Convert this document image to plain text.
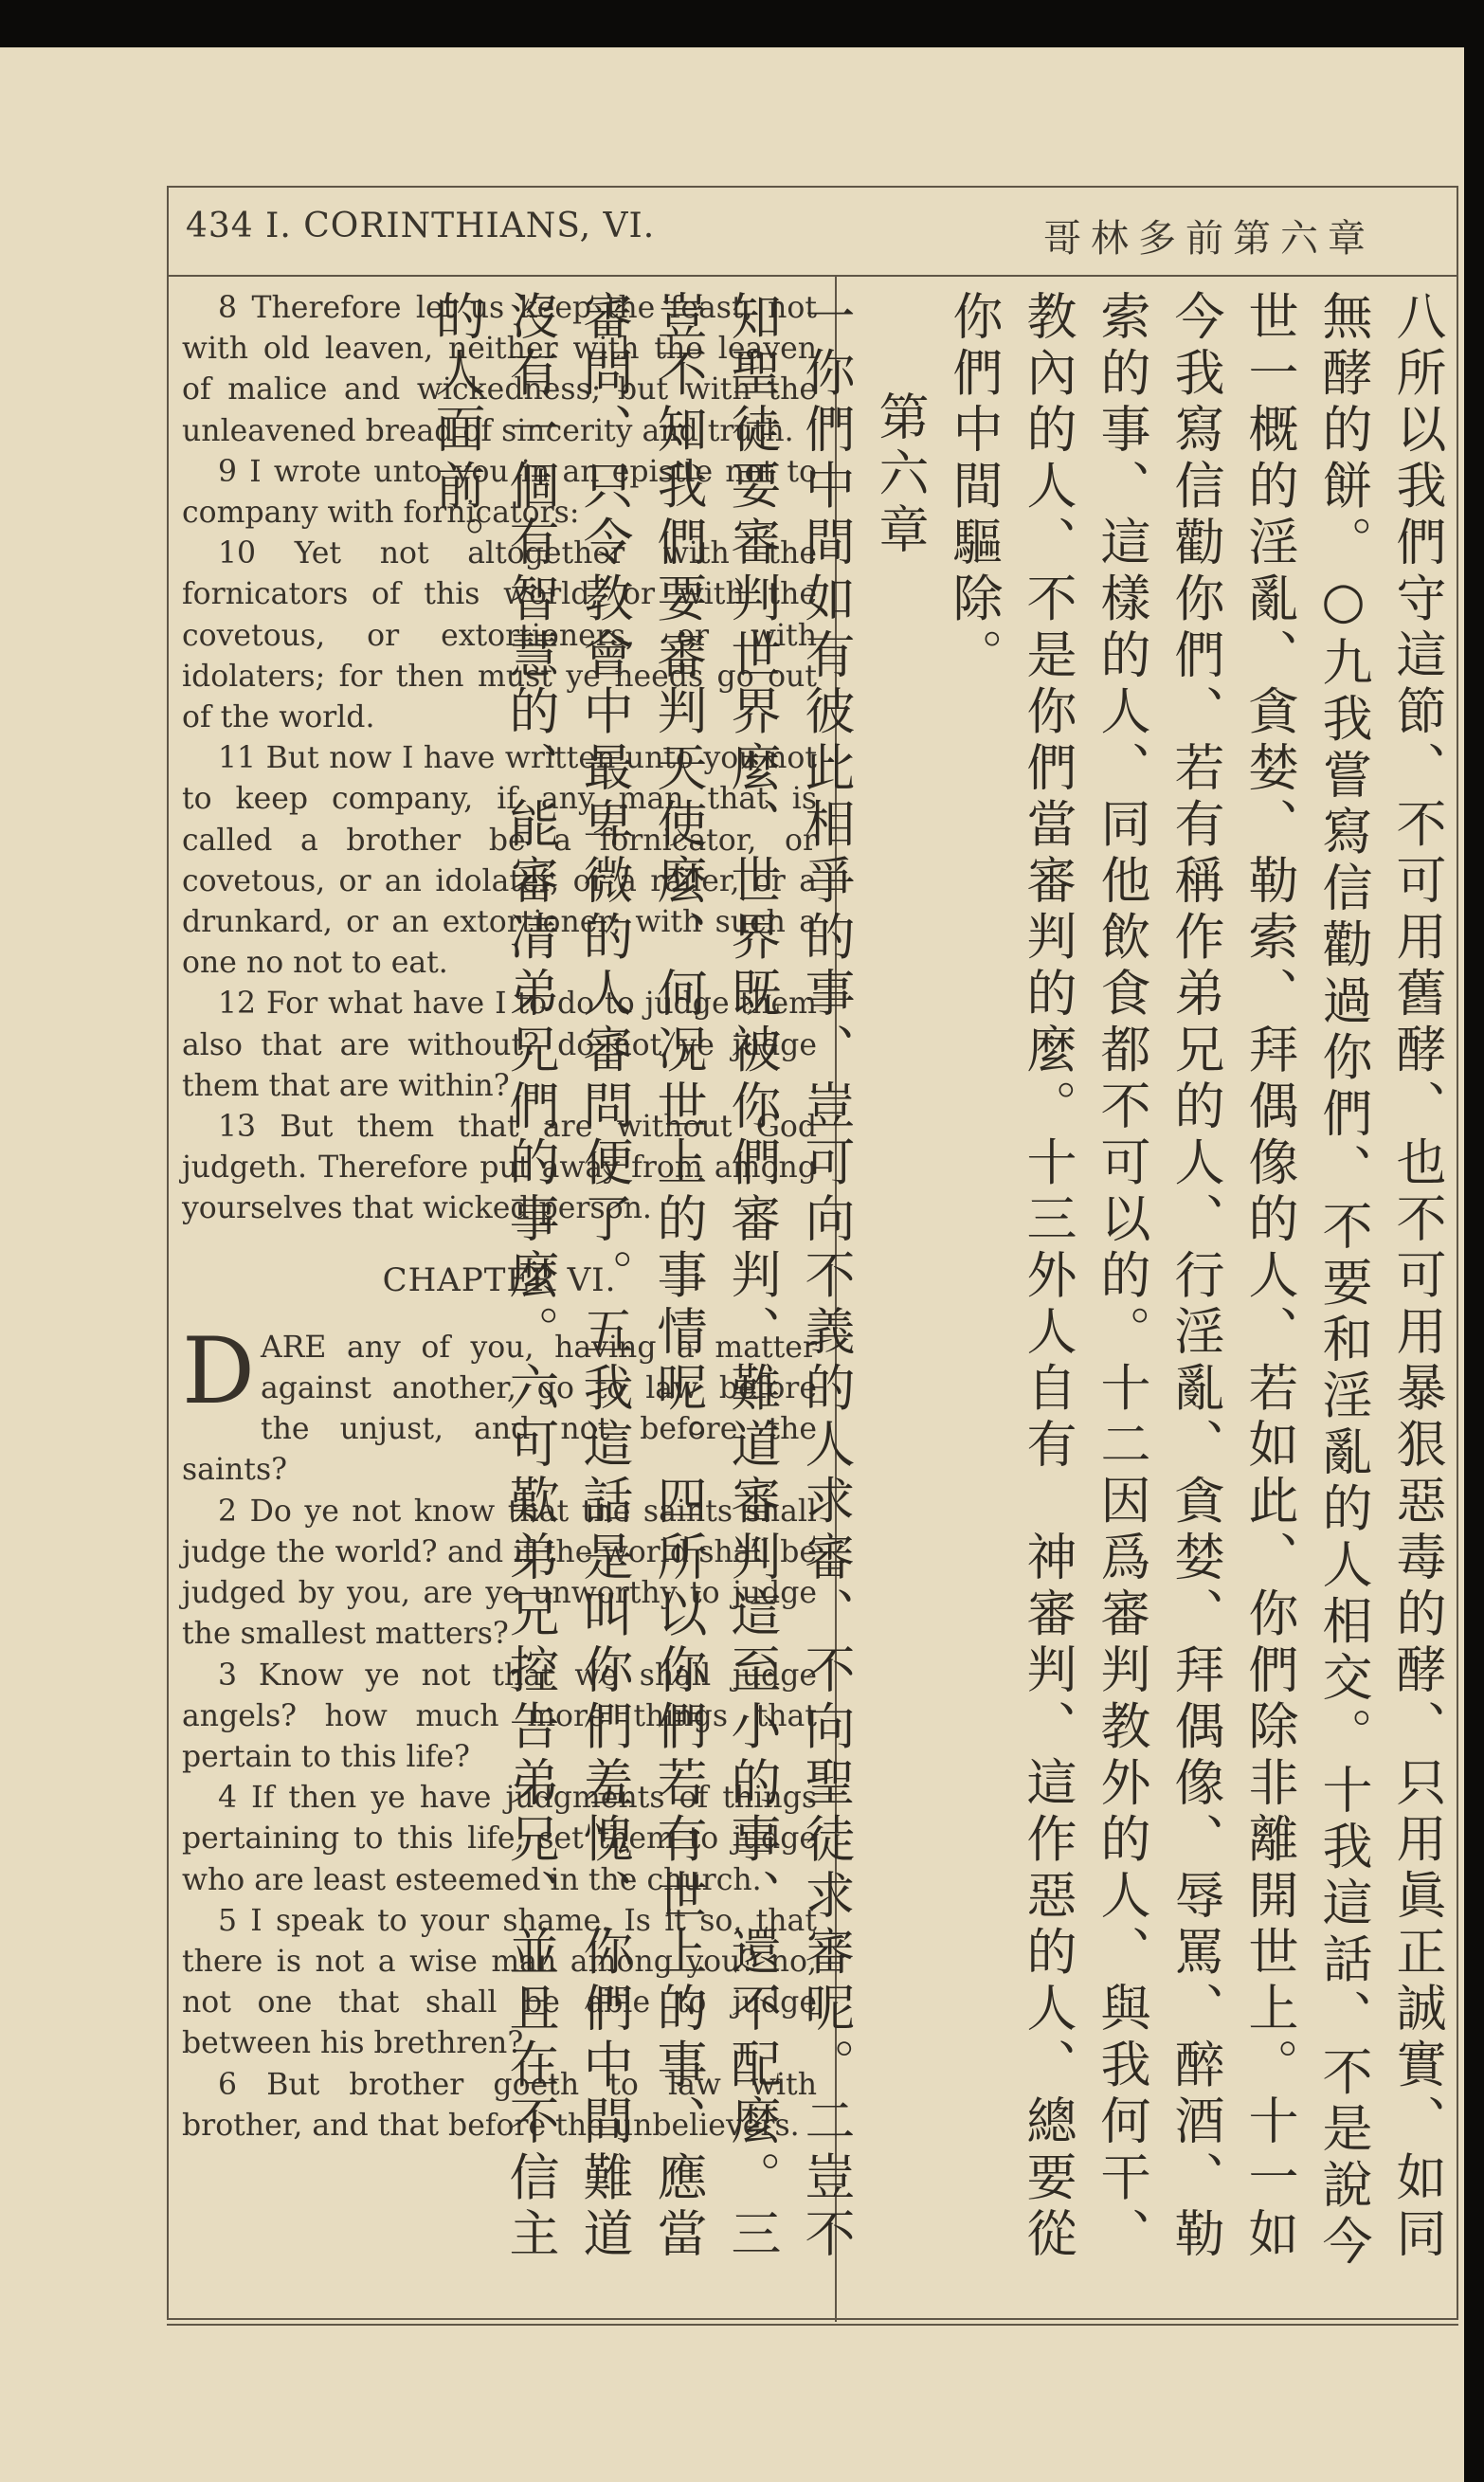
434 I. CORINTHIANS, VI.	哥林多前第六章

8 Therefore let us keep the feast, not with old leaven, neither with the leaven of malice and wickedness; but with the unleavened bread of sincerity and truth.

9 I wrote unto you in an epistle not to company with fornicators:

10 Yet not altogether with the fornicators of this world, or with the covetous, or extortioners, or with idolaters; for then must ye needs go out of the world.

11 But now I have written unto you not to keep company, if any man that is called a brother be a fornicator, or covetous, or an idolater, or a railer, or a drunkard, or an extortioner; with such a one no not to eat.

12 For what have I to do to judge them also that are without? do not ye judge them that are within?

13 But them that are without God judgeth. Therefore put away from among yourselves that wicked person.

CHAPTER VI.

DARE any of you, having a matter against another, go to law before the unjust, and not before the saints?

2 Do ye not know that the saints shall judge the world? and if the world shall be judged by you, are ye unworthy to judge the smallest matters?

3 Know ye not that we shall judge angels? how much more things that pertain to this life?

4 If then ye have judgments of things pertaining to this life, set them to judge who are least esteemed in the church.

5 I speak to your shame. Is it so, that there is not a wise man among you? no, not one that shall be able to judge between his brethren?

6 But brother goeth to law with brother, and that before the unbelievers.	八所以我們守這節、不可用舊酵、也不可用暴狠惡毒的酵、只用眞正誠實、如同無酵的餅。○九我嘗寫信勸過你們、不要和淫亂的人相交。十我這話、不是說今世一概的淫亂、貪婪、勒索、拜偶像的人、若如此、你們除非離開世上。十一如今我寫信勸你們、若有稱作弟兄的人、行淫亂、貪婪、拜偶像、辱罵、醉酒、勒索的事、這樣的人、同他飲食都不可以的。十二因爲審判教外的人、與我何干、教內的人、不是你們當審判的麼。十三外人自有　神審判、這作惡的人、總要從你們中間驅除。

第六章

一你們中間如有彼此相爭的事、豈可向不義的人求審、不向聖徒求審呢。二豈不知聖徒要審判世界麼、世界既被你們審判、難道審判這至小的事、還不配麼。三豈不知我們要審判天使麼、何况世上的事情呢。四所以你們若有世上的事、應當審問、只令教會中最卑微的人審問便了。五我這話是叫你們羞愧、你們中間難道沒有一個有智慧的、能審凊弟兄們的事麼。六可歎弟兄控告弟兄、並且在不信主的人面前。
